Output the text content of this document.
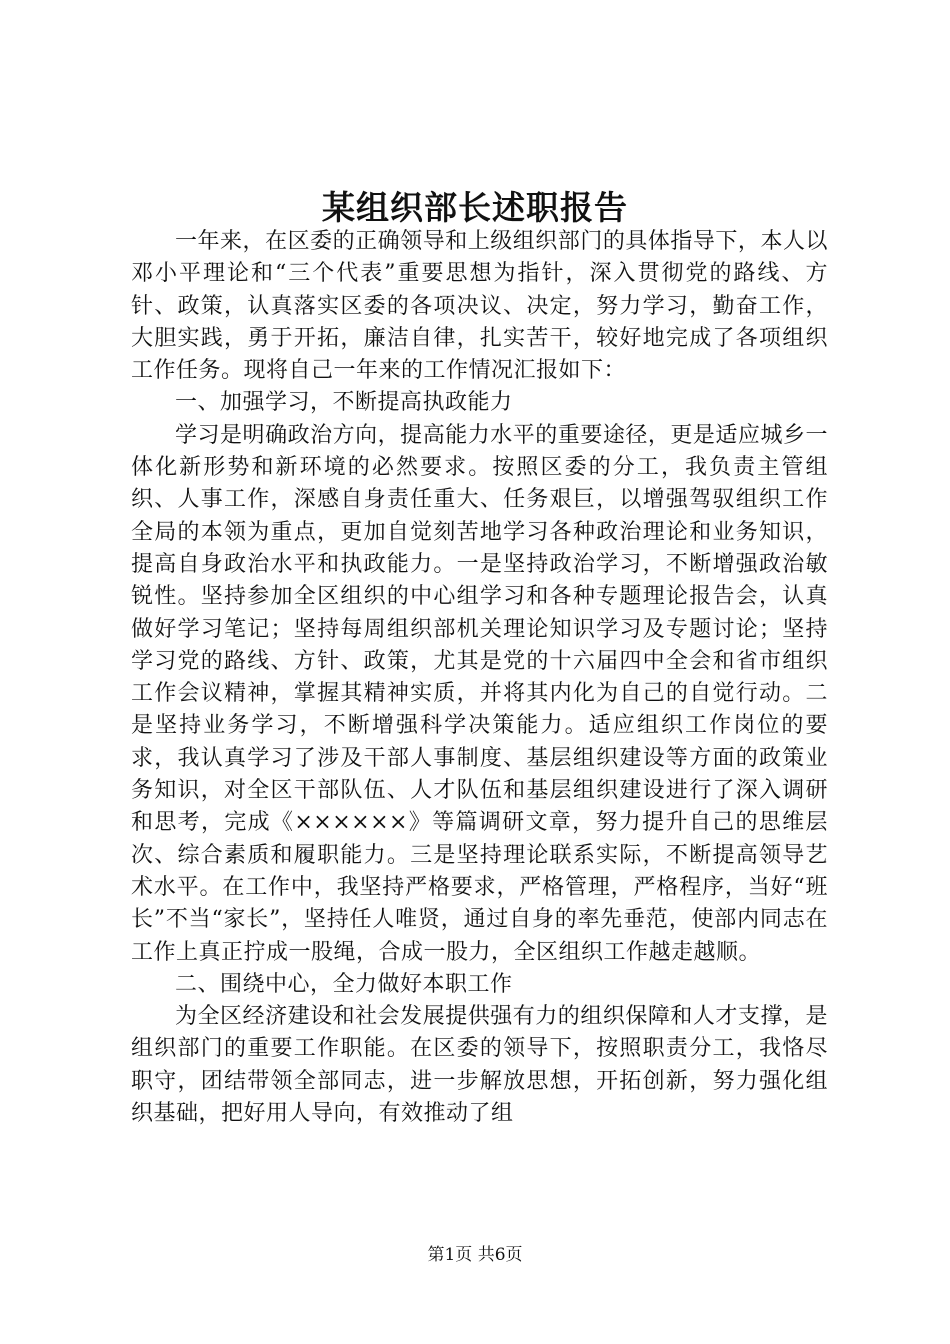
某组织部长述职报告

一年来，在区委的正确领导和上级组织部门的具体指导下，本人以邓小平理论和“三个代表”重要思想为指针，深入贯彻党的路线、方针、政策，认真落实区委的各项决议、决定，努力学习，勤奋工作，大胆实践，勇于开拓，廉洁自律，扎实苦干，较好地完成了各项组织工作任务。现将自己一年来的工作情况汇报如下：

一、加强学习，不断提高执政能力

学习是明确政治方向，提高能力水平的重要途径，更是适应城乡一体化新形势和新环境的必然要求。按照区委的分工，我负责主管组织、人事工作，深感自身责任重大、任务艰巨，以增强驾驭组织工作全局的本领为重点，更加自觉刻苦地学习各种政治理论和业务知识，提高自身政治水平和执政能力。一是坚持政治学习，不断增强政治敏锐性。坚持参加全区组织的中心组学习和各种专题理论报告会，认真做好学习笔记；坚持每周组织部机关理论知识学习及专题讨论；坚持学习党的路线、方针、政策，尤其是党的十六届四中全会和省市组织工作会议精神，掌握其精神实质，并将其内化为自己的自觉行动。二是坚持业务学习，不断增强科学决策能力。适应组织工作岗位的要求，我认真学习了涉及干部人事制度、基层组织建设等方面的政策业务知识，对全区干部队伍、人才队伍和基层组织建设进行了深入调研和思考，完成《××××××》等篇调研文章，努力提升自己的思维层次、综合素质和履职能力。三是坚持理论联系实际，不断提高领导艺术水平。在工作中，我坚持严格要求，严格管理，严格程序，当好“班长”不当“家长”，坚持任人唯贤，通过自身的率先垂范，使部内同志在工作上真正拧成一股绳，合成一股力，全区组织工作越走越顺。

二、围绕中心，全力做好本职工作

为全区经济建设和社会发展提供强有力的组织保障和人才支撑，是组织部门的重要工作职能。在区委的领导下，按照职责分工，我恪尽职守，团结带领全部同志，进一步解放思想，开拓创新，努力强化组织基础，把好用人导向，有效推动了组

第1页 共6页
